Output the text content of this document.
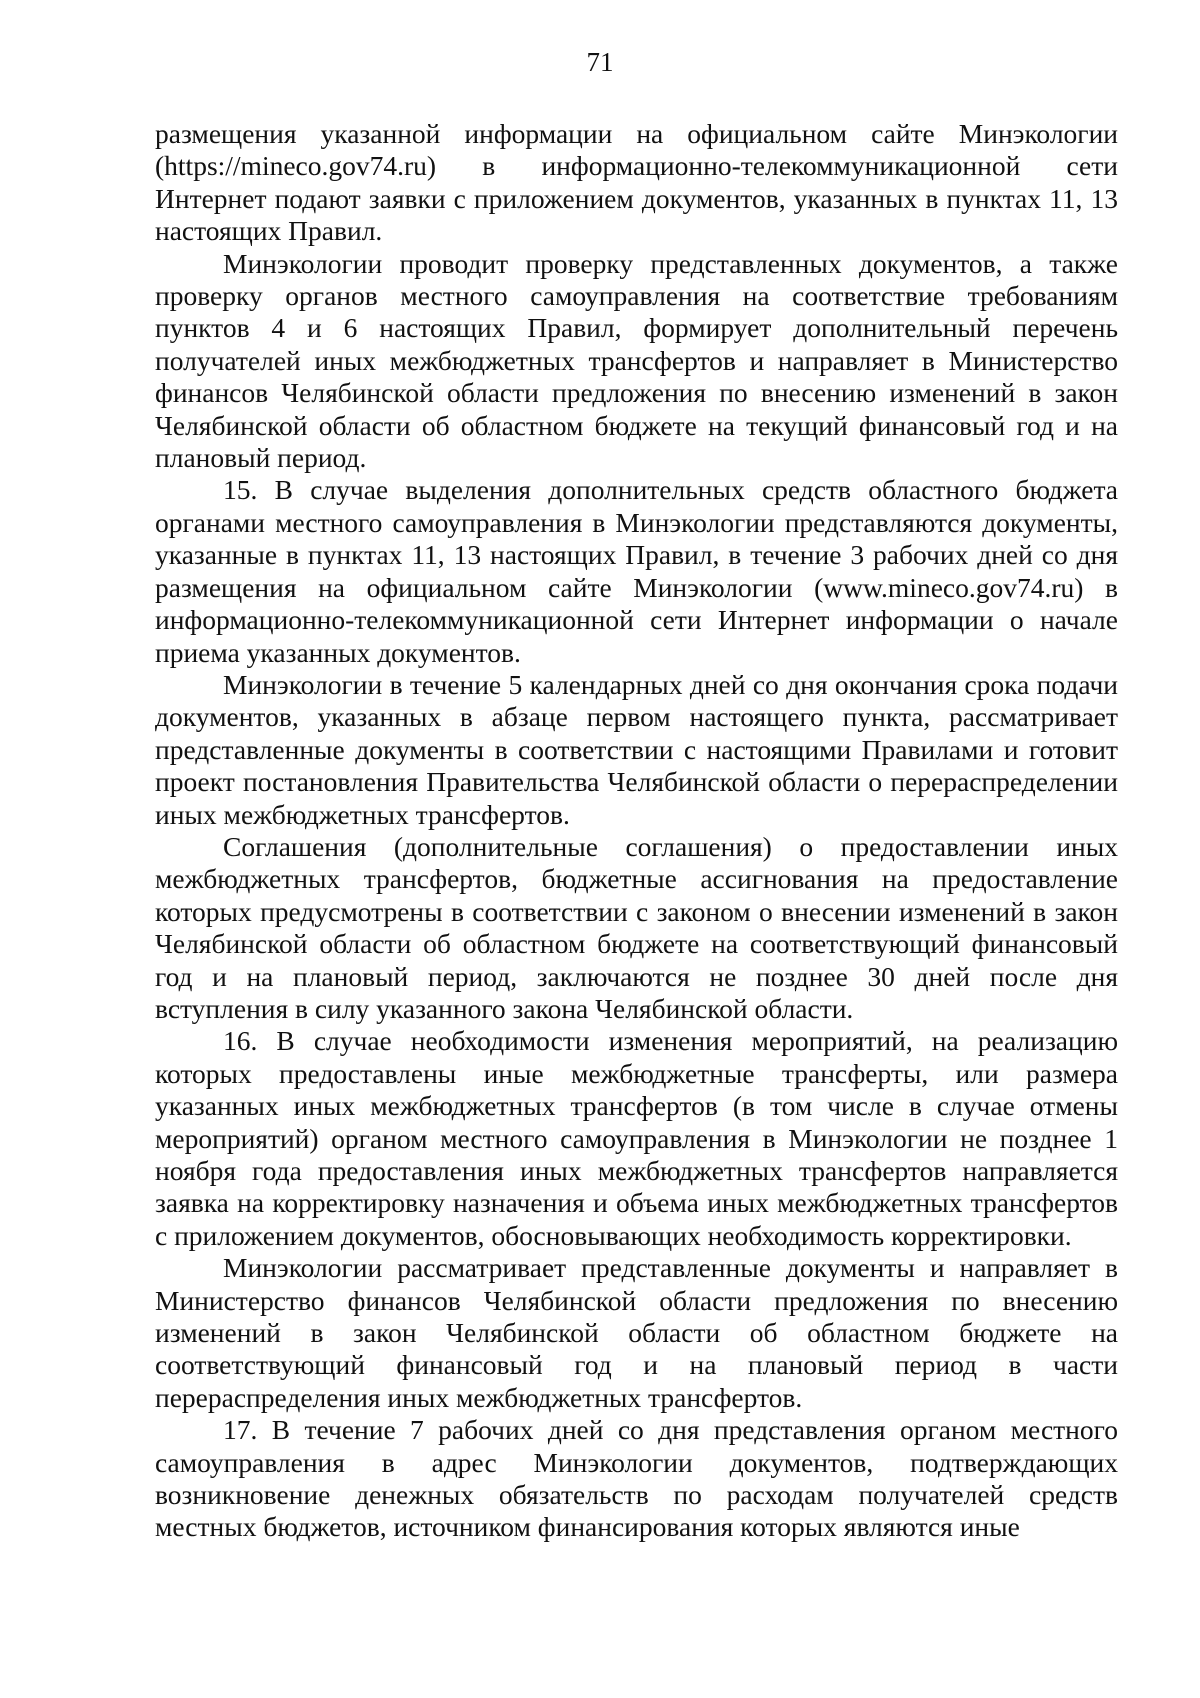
71

размещения указанной информации на официальном сайте Минэкологии (https://mineco.gov74.ru) в информационно-телекоммуникационной сети Интернет подают заявки с приложением документов, указанных в пунктах 11, 13 настоящих Правил.

Минэкологии проводит проверку представленных документов, а также проверку органов местного самоуправления на соответствие требованиям пунктов 4 и 6 настоящих Правил, формирует дополнительный перечень получателей иных межбюджетных трансфертов и направляет в Министерство финансов Челябинской области предложения по внесению изменений в закон Челябинской области об областном бюджете на текущий финансовый год и на плановый период.

15. В случае выделения дополнительных средств областного бюджета органами местного самоуправления в Минэкологии представляются документы, указанные в пунктах 11, 13 настоящих Правил, в течение 3 рабочих дней со дня размещения на официальном сайте Минэкологии (www.mineco.gov74.ru) в информационно-телекоммуникационной сети Интернет информации о начале приема указанных документов.

Минэкологии в течение 5 календарных дней со дня окончания срока подачи документов, указанных в абзаце первом настоящего пункта, рассматривает представленные документы в соответствии с настоящими Правилами и готовит проект постановления Правительства Челябинской области о перераспределении иных межбюджетных трансфертов.

Соглашения (дополнительные соглашения) о предоставлении иных межбюджетных трансфертов, бюджетные ассигнования на предоставление которых предусмотрены в соответствии с законом о внесении изменений в закон Челябинской области об областном бюджете на соответствующий финансовый год и на плановый период, заключаются не позднее 30 дней после дня вступления в силу указанного закона Челябинской области.

16. В случае необходимости изменения мероприятий, на реализацию которых предоставлены иные межбюджетные трансферты, или размера указанных иных межбюджетных трансфертов (в том числе в случае отмены мероприятий) органом местного самоуправления в Минэкологии не позднее 1 ноября года предоставления иных межбюджетных трансфертов направляется заявка на корректировку назначения и объема иных межбюджетных трансфертов с приложением документов, обосновывающих необходимость корректировки.

Минэкологии рассматривает представленные документы и направляет в Министерство финансов Челябинской области предложения по внесению изменений в закон Челябинской области об областном бюджете на соответствующий финансовый год и на плановый период в части перераспределения иных межбюджетных трансфертов.

17. В течение 7 рабочих дней со дня представления органом местного самоуправления в адрес Минэкологии документов, подтверждающих возникновение денежных обязательств по расходам получателей средств местных бюджетов, источником финансирования которых являются иные
